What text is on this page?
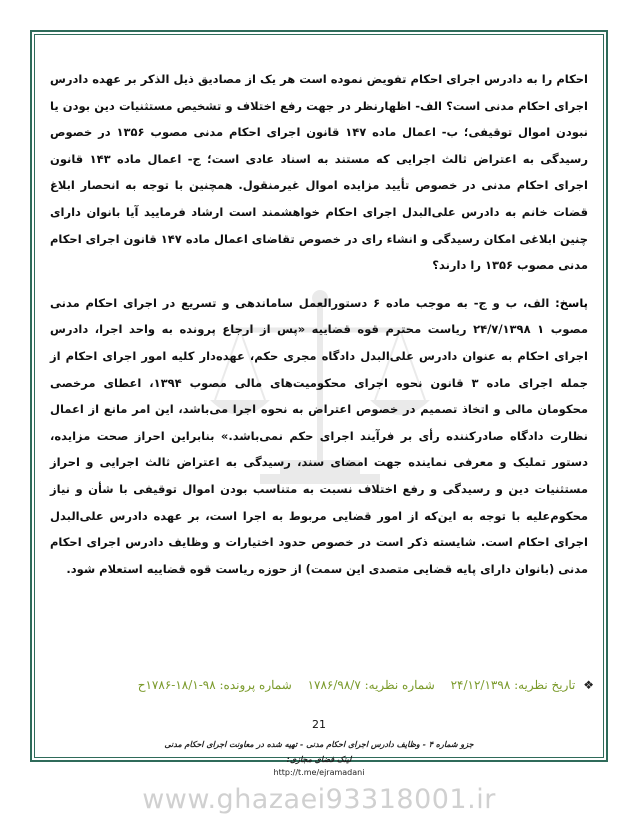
احکام را به دادرس اجرای احکام تفویض نموده است هر یک از مصادیق ذیل الذکر بر عهده دادرس اجرای احکام مدنی است؟ الف- اظهارنظر در جهت رفع اختلاف و تشخیص مستثنیات دین بودن یا نبودن اموال توقیفی؛ ب- اعمال ماده ۱۴۷ قانون اجرای احکام مدنی مصوب ۱۳۵۶ در خصوص رسیدگی به اعتراض ثالث اجرایی که مستند به اسناد عادی است؛ ج- اعمال ماده ۱۴۳ قانون اجرای احکام مدنی در خصوص تأیید مزایده اموال غیرمنقول. همچنین با توجه به انحصار ابلاغ قضات خانم به دادرس علی‌البدل اجرای احکام خواهشمند است ارشاد فرمایید آیا بانوان دارای چنین ابلاغی امکان رسیدگی و انشاء رای در خصوص تقاضای اعمال ماده ۱۴۷ قانون اجرای احکام مدنی مصوب ۱۳۵۶ را دارند؟

پاسخ: الف، ب و ج- به موجب ماده ۶ دستورالعمل ساماندهی و تسریع در اجرای احکام مدنی مصوب ۱ ۲۴/۷/۱۳۹۸ ریاست محترم قوه قضاییه «پس از ارجاع پرونده به واحد اجرا، دادرس اجرای احکام به عنوان دادرس علی‌البدل دادگاه مجری حکم، عهده‌دار کلیه امور اجرای احکام از جمله اجرای ماده ۳ قانون نحوه اجرای محکومیت‌های مالی مصوب ۱۳۹۴، اعطای مرخصی محکومان مالی و اتخاذ تصمیم در خصوص اعتراض به نحوه اجرا می‌باشد، این امر مانع از اعمال نظارت دادگاه صادرکننده رأی بر فرآیند اجرای حکم نمی‌باشد.» بنابراین احراز صحت مزایده، دستور تملیک و معرفی نماینده جهت امضای سند، رسیدگی به اعتراض ثالث اجرایی و احراز مستثنیات دین و رسیدگی و رفع اختلاف نسبت به متناسب بودن اموال توقیفی با شأن و نیاز محکوم‌علیه با توجه به این‌که از امور قضایی مربوط به اجرا است، بر عهده دادرس علی‌البدل اجرای احکام است. شایسته ذکر است در خصوص حدود اختیارات و وظایف دادرس اجرای احکام مدنی (بانوان دارای پایه قضایی متصدی این سمت) از حوزه ریاست قوه قضاییه استعلام شود.

❖ تاریخ نظریه: ۲۴/۱۲/۱۳۹۸ شماره نظریه: ۱۷۸۶/۹۸/۷ شماره پرونده: ۹۸-۱۸/۱-۱۷۸۶ح
21
جزو شماره ۴ - وظایف دادرس اجرای احکام مدنی - تهیه شده در معاونت اجرای احکام مدنی
لینک فضای مجازی:
http://t.me/ejramadani
www.ghazaei93318001.ir
